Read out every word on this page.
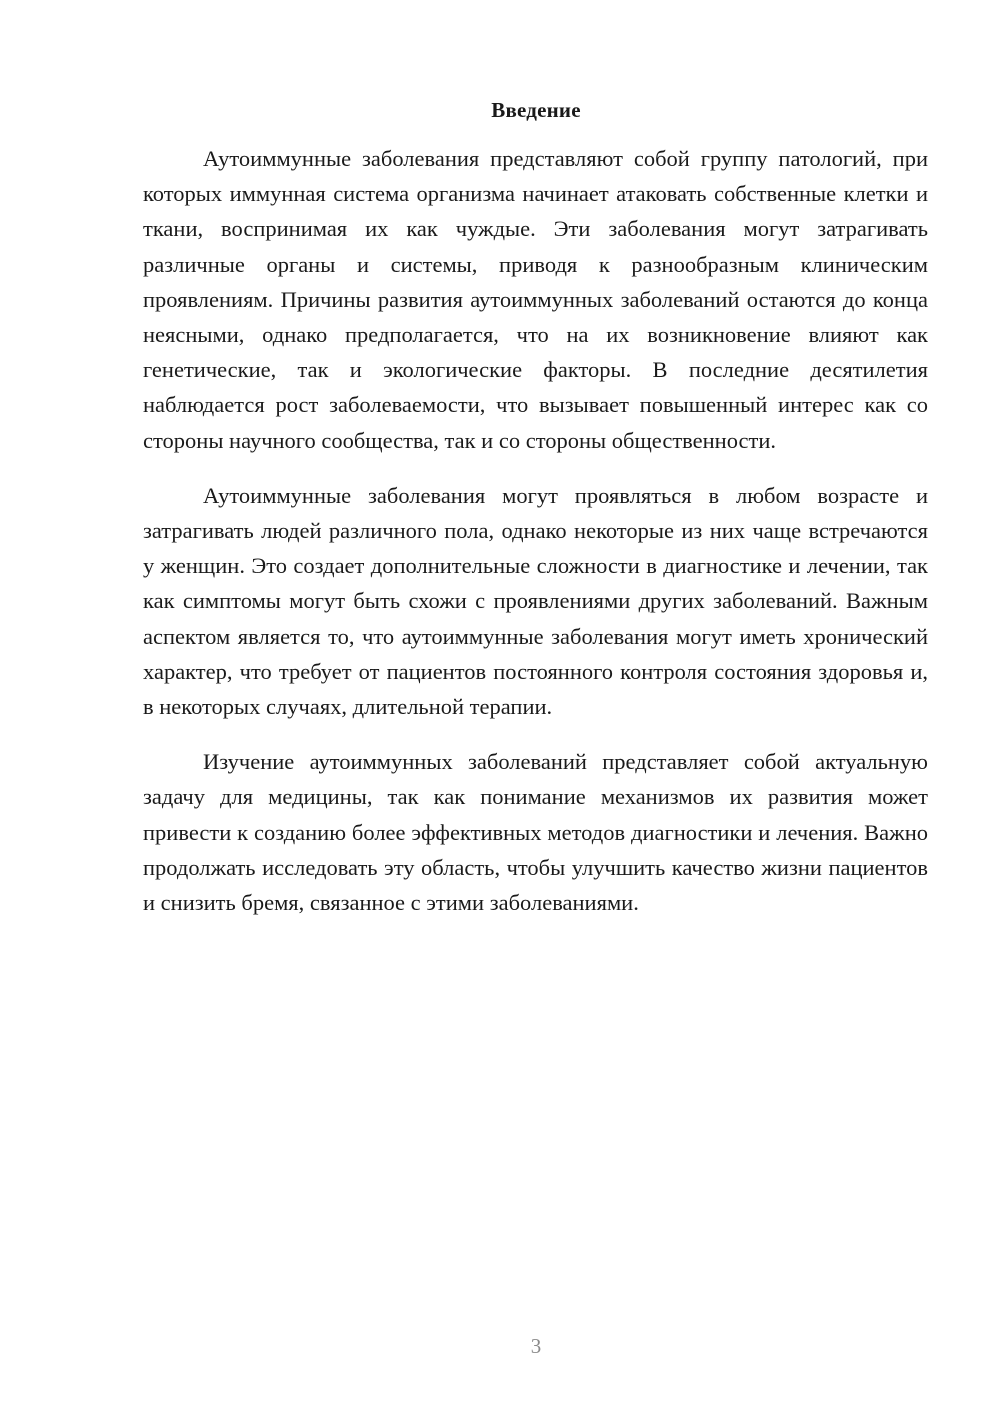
Введение

Аутоиммунные заболевания представляют собой группу патологий, при которых иммунная система организма начинает атаковать собственные клетки и ткани, воспринимая их как чуждые. Эти заболевания могут затрагивать различные органы и системы, приводя к разнообразным клиническим проявлениям. Причины развития аутоиммунных заболеваний остаются до конца неясными, однако предполагается, что на их возникновение влияют как генетические, так и экологические факторы. В последние десятилетия наблюдается рост заболеваемости, что вызывает повышенный интерес как со стороны научного сообщества, так и со стороны общественности.

Аутоиммунные заболевания могут проявляться в любом возрасте и затрагивать людей различного пола, однако некоторые из них чаще встречаются у женщин. Это создает дополнительные сложности в диагностике и лечении, так как симптомы могут быть схожи с проявлениями других заболеваний. Важным аспектом является то, что аутоиммунные заболевания могут иметь хронический характер, что требует от пациентов постоянного контроля состояния здоровья и, в некоторых случаях, длительной терапии.

Изучение аутоиммунных заболеваний представляет собой актуальную задачу для медицины, так как понимание механизмов их развития может привести к созданию более эффективных методов диагностики и лечения. Важно продолжать исследовать эту область, чтобы улучшить качество жизни пациентов и снизить бремя, связанное с этими заболеваниями.

3
